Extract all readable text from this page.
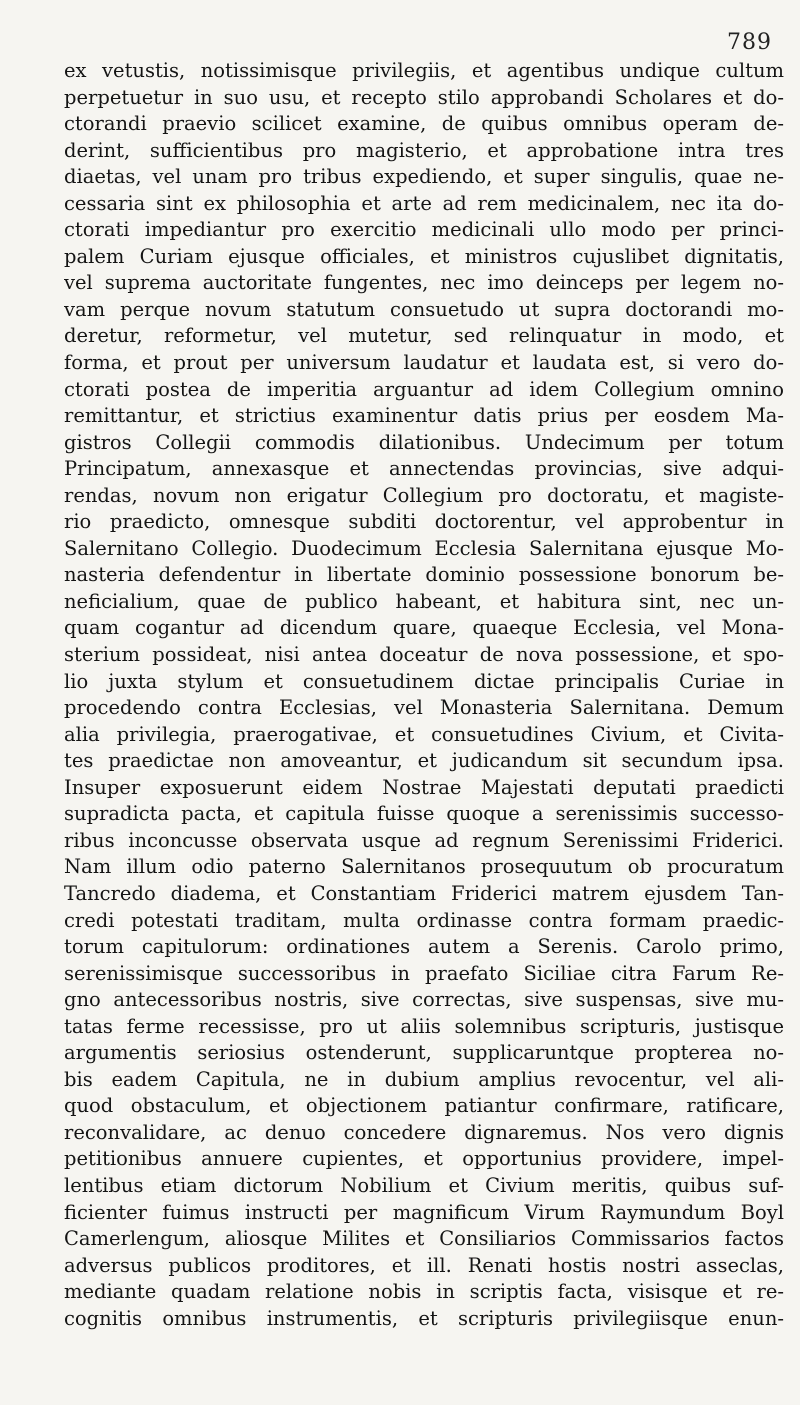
789
ex vetustis, notissimisque privilegiis, et agentibus undique cultum
perpetuetur in suo usu, et recepto stilo approbandi Scholares et do-
ctorandi praevio scilicet examine, de quibus omnibus operam de-
derint, sufficientibus pro magisterio, et approbatione intra tres
diaetas, vel unam pro tribus expediendo, et super singulis, quae ne-
cessaria sint ex philosophia et arte ad rem medicinalem, nec ita do-
ctorati impediantur pro exercitio medicinali ullo modo per princi-
palem Curiam ejusque officiales, et ministros cujuslibet dignitatis,
vel suprema auctoritate fungentes, nec imo deinceps per legem no-
vam perque novum statutum consuetudo ut supra doctorandi mo-
deretur, reformetur, vel mutetur, sed relinquatur in modo, et
forma, et prout per universum laudatur et laudata est, si vero do-
ctorati postea de imperitia arguantur ad idem Collegium omnino
remittantur, et strictius examinentur datis prius per eosdem Ma-
gistros Collegii commodis dilationibus. Undecimum per totum
Principatum, annexasque et annectendas provincias, sive adqui-
rendas, novum non erigatur Collegium pro doctoratu, et magiste-
rio praedicto, omnesque subditi doctorentur, vel approbentur in
Salernitano Collegio. Duodecimum Ecclesia Salernitana ejusque Mo-
nasteria defendentur in libertate dominio possessione bonorum be-
neficialium, quae de publico habeant, et habitura sint, nec un-
quam cogantur ad dicendum quare, quaeque Ecclesia, vel Mona-
sterium possideat, nisi antea doceatur de nova possessione, et spo-
lio juxta stylum et consuetudinem dictae principalis Curiae in
procedendo contra Ecclesias, vel Monasteria Salernitana. Demum
alia privilegia, praerogativae, et consuetudines Civium, et Civita-
tes praedictae non amoveantur, et judicandum sit secundum ipsa.
Insuper exposuerunt eidem Nostrae Majestati deputati praedicti
supradicta pacta, et capitula fuisse quoque a serenissimis successo-
ribus inconcusse observata usque ad regnum Serenissimi Friderici.
Nam illum odio paterno Salernitanos prosequutum ob procuratum
Tancredo diadema, et Constantiam Friderici matrem ejusdem Tan-
credi potestati traditam, multa ordinasse contra formam praedic-
torum capitulorum: ordinationes autem a Serenis. Carolo primo,
serenissimisque successoribus in praefato Siciliae citra Farum Re-
gno antecessoribus nostris, sive correctas, sive suspensas, sive mu-
tatas ferme recessisse, pro ut aliis solemnibus scripturis, justisque
argumentis seriosius ostenderunt, supplicaruntque propterea no-
bis eadem Capitula, ne in dubium amplius revocentur, vel ali-
quod obstaculum, et objectionem patiantur confirmare, ratificare,
reconvalidare, ac denuo concedere dignaremus. Nos vero dignis
petitionibus annuere cupientes, et opportunius providere, impel-
lentibus etiam dictorum Nobilium et Civium meritis, quibus suf-
ficienter fuimus instructi per magnificum Virum Raymundum Boyl
Camerlengum, aliosque Milites et Consiliarios Commissarios factos
adversus publicos proditores, et ill. Renati hostis nostri asseclas,
mediante quadam relatione nobis in scriptis facta, visisque et re-
cognitis omnibus instrumentis, et scripturis privilegiisque enun-
